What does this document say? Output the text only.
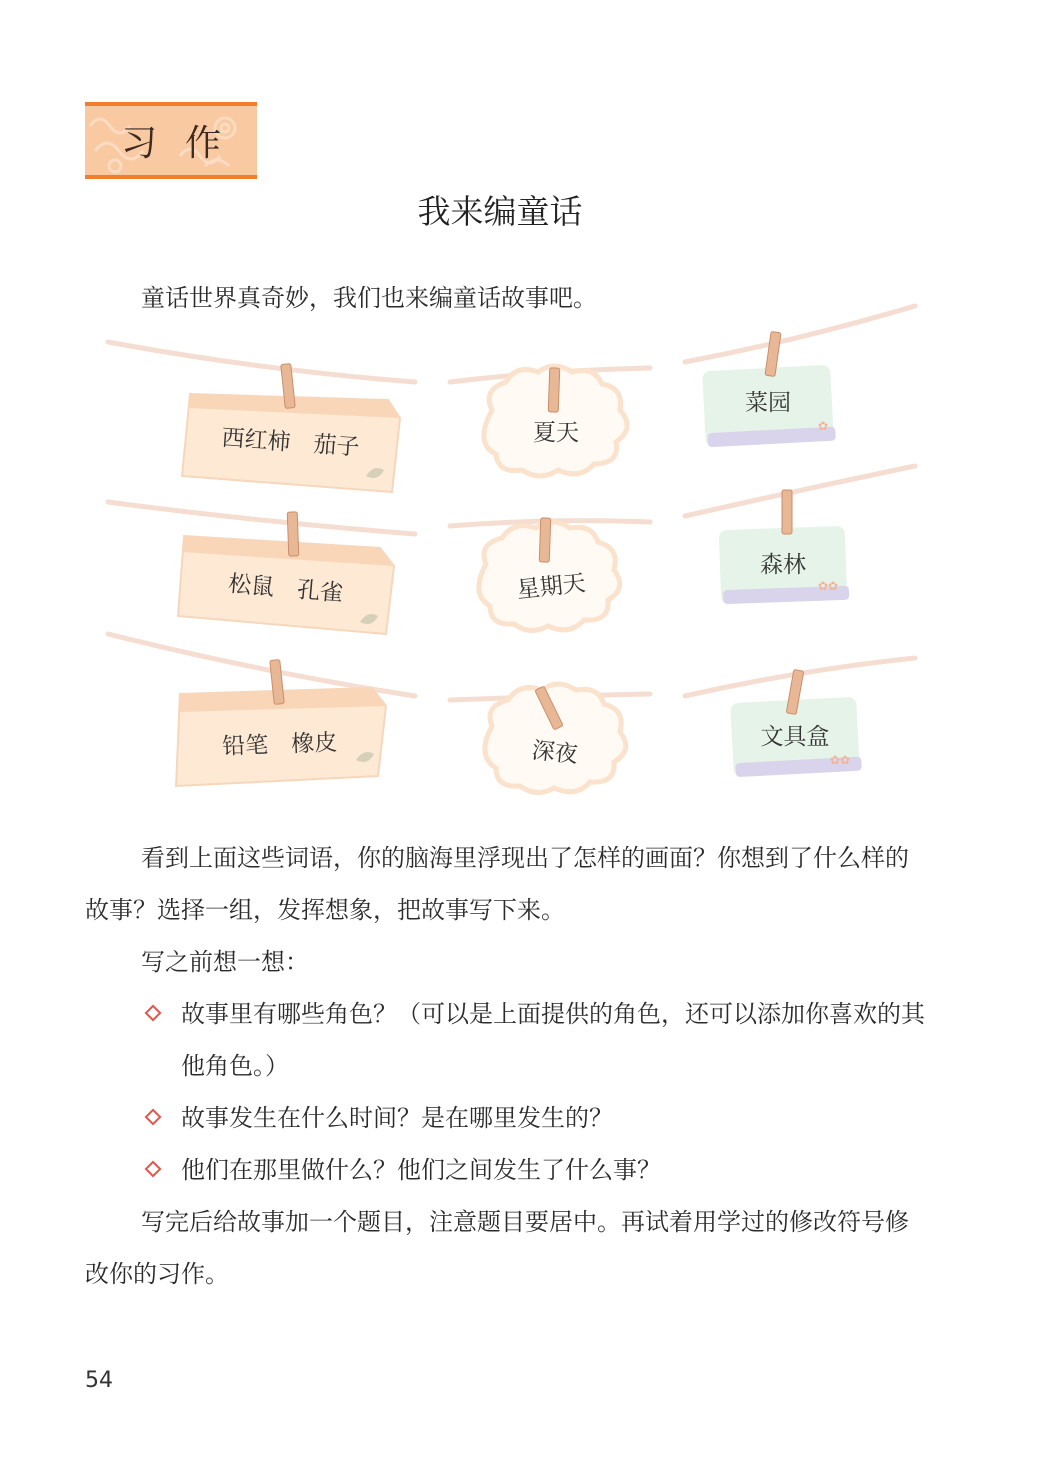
习作
我来编童话
童话世界真奇妙，我们也来编童话故事吧。
西红柿　茄子	夏天	✿
菜园
松鼠　孔雀	星期天	✿✿
森林
铅笔　橡皮	深夜	✿✿
文具盒
看到上面这些词语，你的脑海里浮现出了怎样的画面？你想到了什么样的故事？选择一组，发挥想象，把故事写下来。
写之前想一想：
故事里有哪些角色？（可以是上面提供的角色，还可以添加你喜欢的其他角色。）
故事发生在什么时间？是在哪里发生的？
他们在那里做什么？他们之间发生了什么事？
写完后给故事加一个题目，注意题目要居中。再试着用学过的修改符号修改你的习作。
54
